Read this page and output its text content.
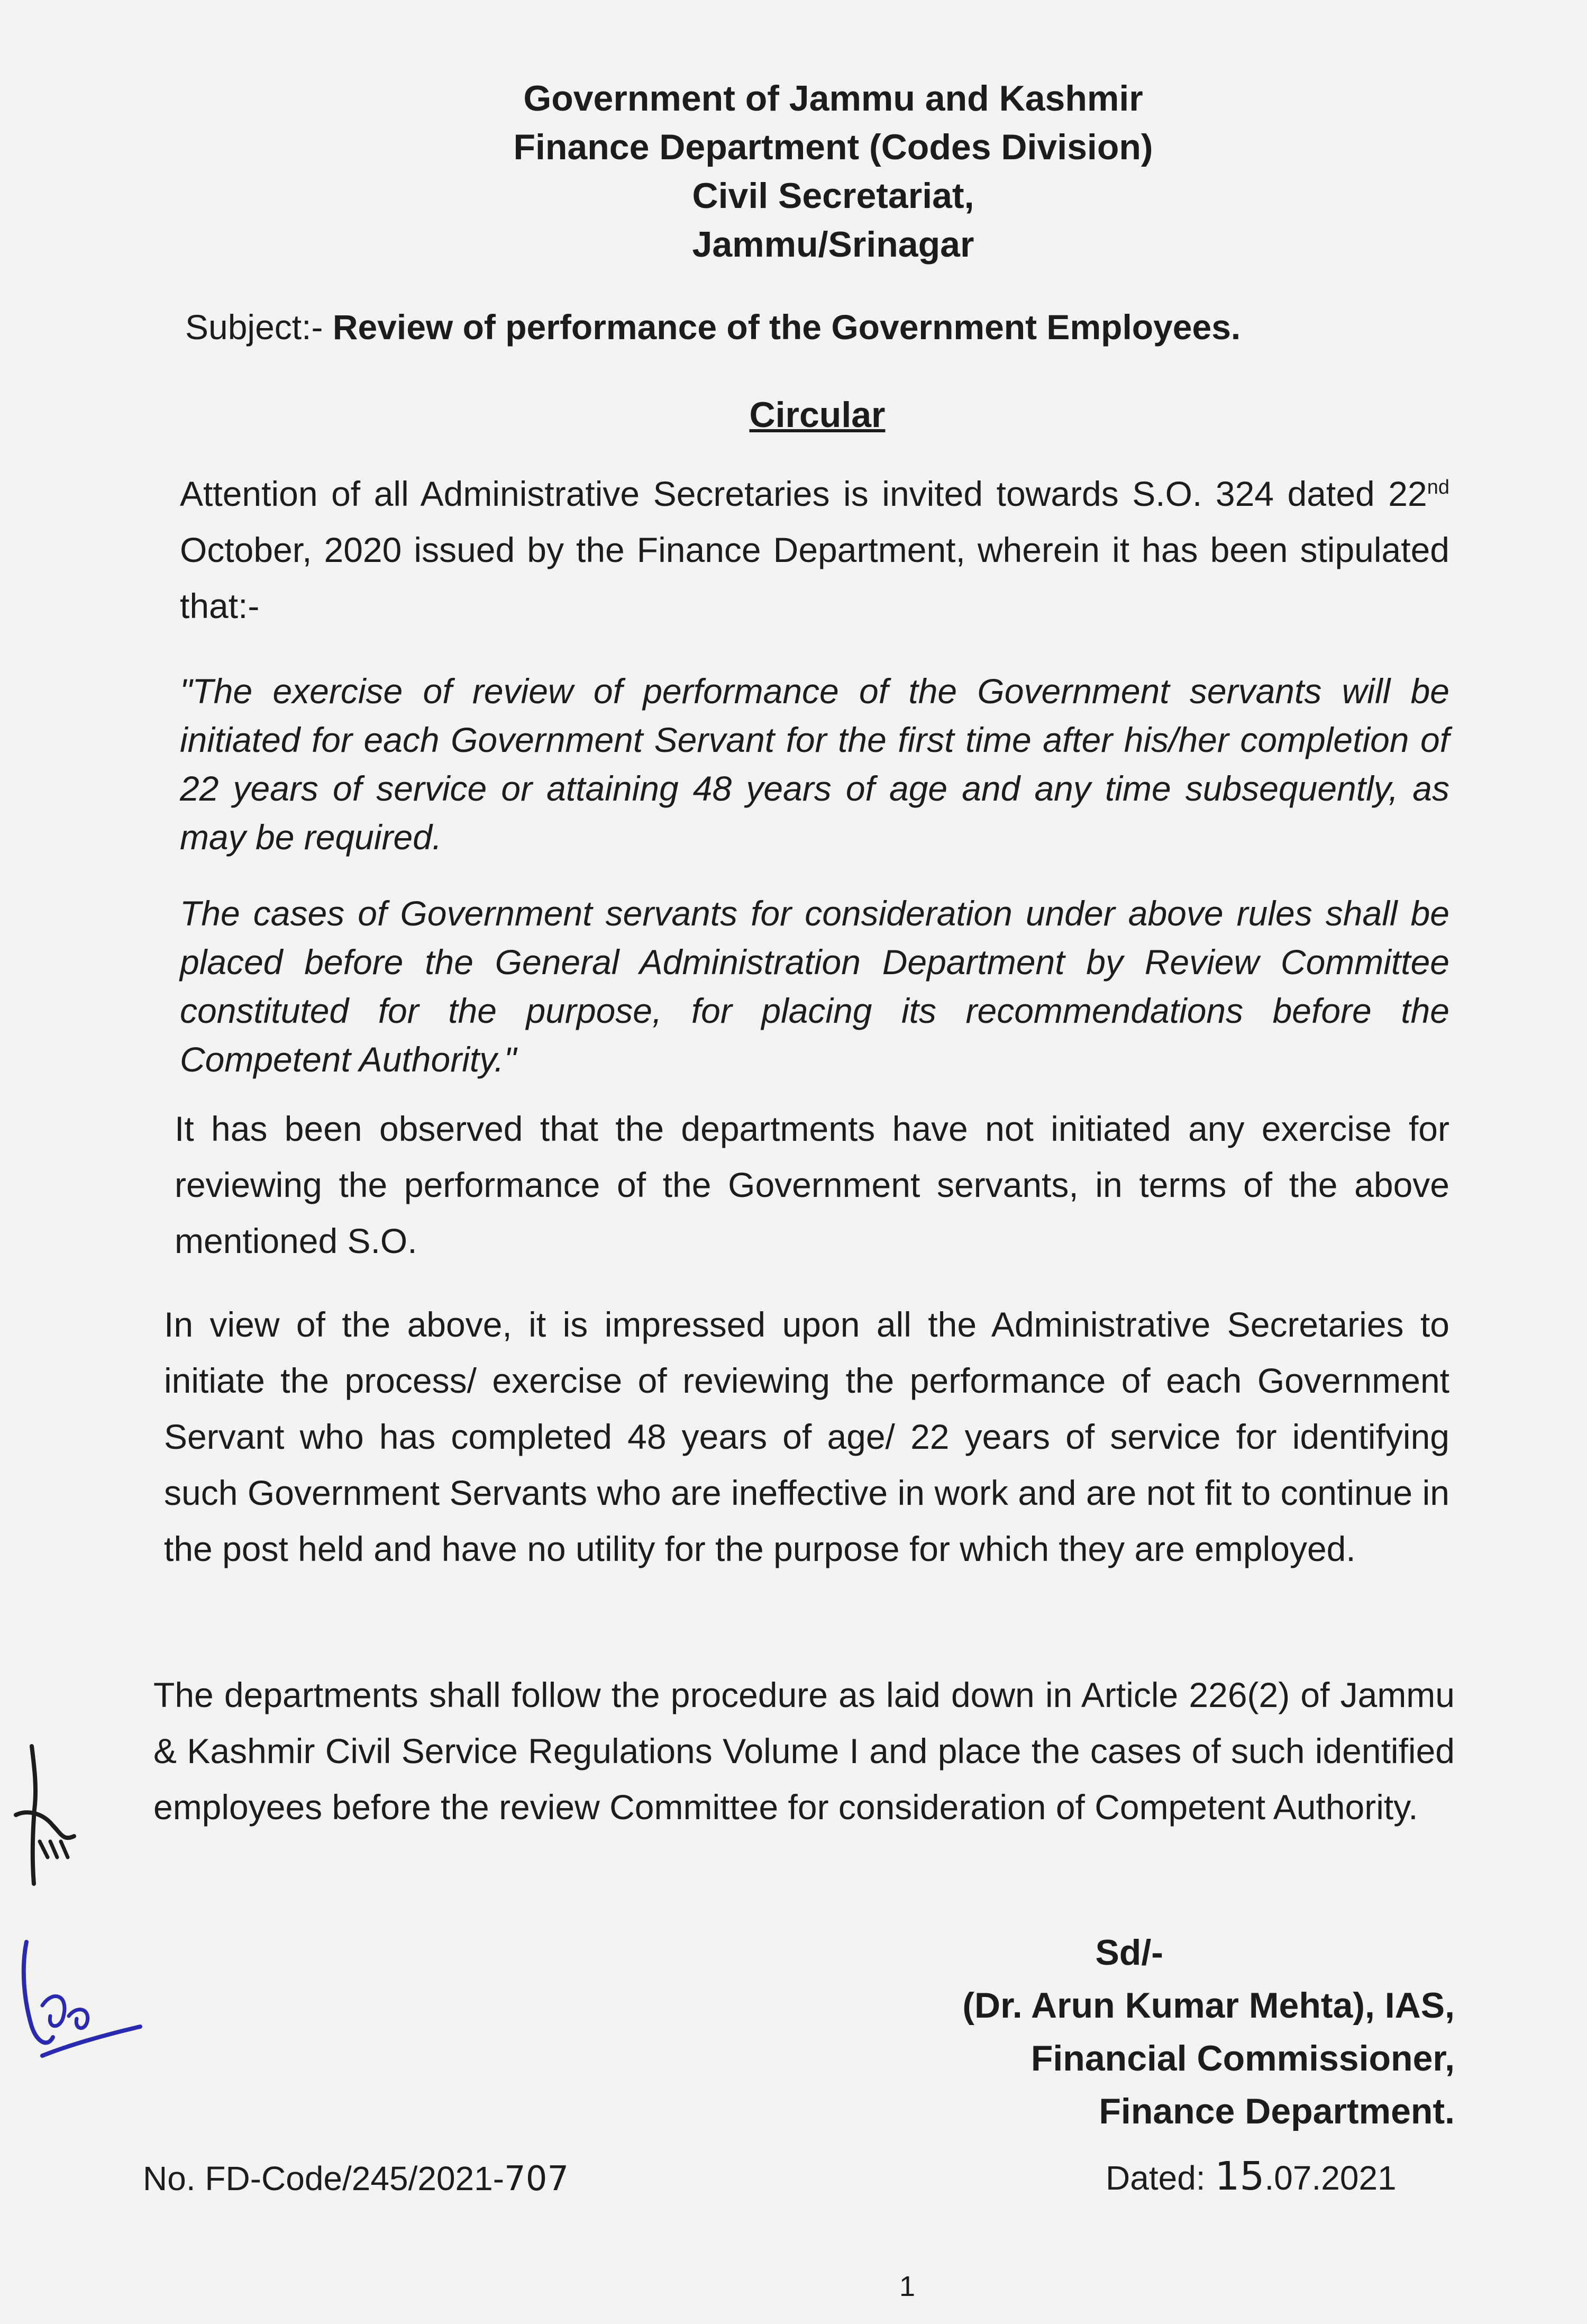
Government of Jammu and Kashmir
Finance Department (Codes Division)
Civil Secretariat,
Jammu/Srinagar
Subject:- Review of performance of the Government Employees.
Circular
Attention of all Administrative Secretaries is invited towards S.O. 324 dated 22nd October, 2020 issued by the Finance Department, wherein it has been stipulated that:-
"The exercise of review of performance of the Government servants will be initiated for each Government Servant for the first time after his/her completion of 22 years of service or attaining 48 years of age and any time subsequently, as may be required.
The cases of Government servants for consideration under above rules shall be placed before the General Administration Department by Review Committee constituted for the purpose, for placing its recommendations before the Competent Authority."
It has been observed that the departments have not initiated any exercise for reviewing the performance of the Government servants, in terms of the above mentioned S.O.
In view of the above, it is impressed upon all the Administrative Secretaries to initiate the process/ exercise of reviewing the performance of each Government Servant who has completed 48 years of age/ 22 years of service for identifying such Government Servants who are ineffective in work and are not fit to continue in the post held and have no utility for the purpose for which they are employed.
The departments shall follow the procedure as laid down in Article 226(2) of Jammu & Kashmir Civil Service Regulations Volume I and place the cases of such identified employees before the review Committee for consideration of Competent Authority.
Sd/-
(Dr. Arun Kumar Mehta), IAS,
Financial Commissioner,
Finance Department.
No. FD-Code/245/2021-707	Dated: 15.07.2021
1
